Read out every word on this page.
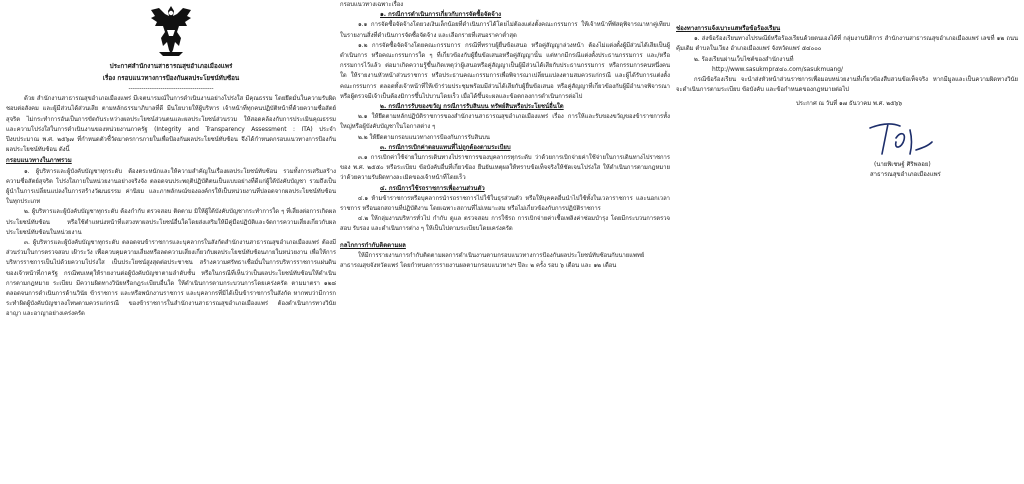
ประกาศสำนักงานสาธารณสุขอำเภอเมืองแพร่

เรื่อง กรอบแนวทางการป้องกันผลประโยชน์ทับซ้อน

----------------------------------------

ด้วย สำนักงานสาธารณสุขอำเภอเมืองแพร่ มีเจตนารมณ์ในการดำเนินงานอย่างโปร่งใส มีคุณธรรม โดยยึดมั่นในความรับผิดชอบต่อสังคม และผู้มีส่วนได้ส่วนเสีย ตามหลักธรรมาภิบาลที่ดี มีนโยบายให้ผู้บริหาร เจ้าหน้าที่ทุกคนปฏิบัติหน้าที่ด้วยความซื่อสัตย์สุจริต ไม่กระทำการอันเป็นการขัดกันระหว่างผลประโยชน์ส่วนตนและผลประโยชน์ส่วนรวม ให้สอดคล้องกับการประเมินคุณธรรมและความโปร่งใสในการดำเนินงานของหน่วยงานภาครัฐ (Integrity and Transparency Assessment : ITA) ประจำปีงบประมาณ พ.ศ. ๒๕๖๗ ที่กำหนดตัวชี้วัดมาตรการภายในเพื่อป้องกันผลประโยชน์ทับซ้อน จึงได้กำหนดกรอบแนวทางการป้องกันผลประโยชน์ทับซ้อน ดังนี้

กรอบแนวทางในภาพรวม

๑. ผู้บริหารและผู้บังคับบัญชาทุกระดับ ต้องตระหนักและให้ความสำคัญในเรื่องผลประโยชน์ทับซ้อน รวมทั้งการเสริมสร้างความซื่อสัตย์สุจริต โปร่งใสภายในหน่วยงานอย่างจริงจัง ตลอดจนประพฤติปฏิบัติตนเป็นแบบอย่างที่ดีแก่ผู้ใต้บังคับบัญชา รวมถึงเป็นผู้นำในการเปลี่ยนแปลงในการสร้างวัฒนธรรม ค่านิยม และภาพลักษณ์ขององค์กรให้เป็นหน่วยงานที่ปลอดจากผลประโยชน์ทับซ้อนในทุกประเภท

๒. ผู้บริหารและผู้บังคับบัญชาทุกระดับ ต้องกำกับ ตรวจสอบ ติดตาม มิให้ผู้ใต้บังคับบัญชากระทำการใด ๆ ที่เสี่ยงต่อการเกิดผลประโยชน์ทับซ้อน หรือใช้ตำแหน่งหน้าที่แสวงหาผลประโยชน์อื่นใดโดยส่งเสริมให้มีคู่มือปฏิบัติและจัดการความเสี่ยงเกี่ยวกับผลประโยชน์ทับซ้อนในหน่วยงาน

๓. ผู้บริหารและผู้บังคับบัญชาทุกระดับ ตลอดจนข้าราชการและบุคลากรในสังกัดสำนักงานสาธารณสุขอำเภอเมืองแพร่ ต้องมีส่วนร่วมในการตรวจสอบ เฝ้าระวัง เพื่อควบคุมความเสี่ยงหรือลดความเสี่ยงเกี่ยวกับผลประโยชน์ทับซ้อนภายในหน่วยงาน เพื่อให้การบริหารราชการเป็นไปด้วยความโปร่งใส เป็นประโยชน์สูงสุดต่อประชาชน สร้างความศรัทธาเชื่อมั่นในการบริหารราชการแผ่นดินของเจ้าหน้าที่ภาครัฐ กรณีพบเหตุให้รายงานต่อผู้บังคับบัญชาตามลำดับชั้น หรือในกรณีที่เห็นว่าเป็นผลประโยชน์ทับซ้อนให้ดำเนินการตามกฎหมาย ระเบียบ มีความผิดทางวินัยหรือกฎระเบียบอื่นใด ให้ดำเนินการตามกระบวนการโดยเคร่งครัด ตามมาตรา ๑๒๘ ตลอดจนการดำเนินการด้านวินัย ข้าราชการ และหรือพนักงานราชการ และบุคลากรที่มิได้เป็นข้าราชการในสังกัด หากพบว่ามีการกระทำผิดผู้บังคับบัญชาลงโทษตามควรแก่กรณี ของข้าราชการในสำนักงานสาธารณสุขอำเภอเมืองแพร่ ต้องดำเนินการทางวินัย อาญา และอาญาอย่างเคร่งครัด

กรอบแนวทางเฉพาะเรื่อง

๑. กรณีการดำเนินการเกี่ยวกับการจัดซื้อจัดจ้าง

๑.๑ การจัดซื้อจัดจ้างโดยวงเงินเล็กน้อยที่ดำเนินการได้โดยไม่ต้องแต่งตั้งคณะกรรมการ ให้เจ้าหน้าที่พัสดุพิจารณาหาคู่เทียบในรายงานสิ่งที่ดำเนินการจัดซื้อจัดจ้าง และเลือกรายที่เสนอราคาต่ำสุด

๑.๒ การจัดซื้อจัดจ้างโดยคณะกรรมการ กรณีที่ทราบผู้ยื่นข้อเสนอ หรือคู่สัญญาล่วงหน้า ต้องไม่แต่งตั้งผู้มีส่วนได้เสียเป็นผู้ดำเนินการ หรือคณะกรรมการใด ๆ ที่เกี่ยวข้องกับผู้ยื่นข้อเสนอหรือคู่สัญญานั้น แต่หากมีกรณีแต่งตั้งประธานกรรมการ และ/หรือกรรมการไว้แล้ว ต่อมาเกิดความรู้ขึ้นเกิดเหตุว่าผู้เสนอหรือคู่สัญญาเป็นผู้มีส่วนได้เสียกับประธานกรรมการ หรือกรรมการคนหนึ่งคนใด ให้รายงานหัวหน้าส่วนราชการ หรือประธานคณะกรรมการเพื่อพิจารณาเปลี่ยนแปลงตามสมควรแก่กรณี และผู้ได้รับการแต่งตั้งคณะกรรมการ ตลอดทั้งเจ้าหน้าที่ให้เข้าร่วมประชุมพร้อมมีส่วนได้เสียกับผู้ยื่นข้อเสนอ หรือคู่สัญญาที่เกี่ยวข้องกับผู้มีอำนาจพิจารณา หรือผู้ตรวจมีเจ้าเป็นต้องมิการขึ้นไปบานโดยเร็ว เมื่อได้ขึ้นจะผลและข้อตกลงการดำเนินการต่อไป

๒. กรณีการรับของขวัญ กรณีการรับสินบน ทรัพย์สินหรือประโยชน์อื่นใด

๒.๑ ให้ยึดตามหลักปฏิบัติราชการของสำนักงานสาธารณสุขอำเภอเมืองแพร่ เรื่อง การให้และรับของขวัญของข้าราชการทั้งใหญ่หรือผู้บังคับบัญชาในโอกาสต่าง ๆ

๒.๒ ให้ยึดตามกรอบแนวทางการป้องกันการรับสินบน

๓. กรณีการเบิกค่าตอบแทนที่ไม่ถูกต้องตามระเบียบ

๓.๑ การเบิกค่าใช้จ่ายในการเดินทางไปราชการของบุคลากรทุกระดับ ว่าด้วยการเบิกจ่ายค่าใช้จ่ายในการเดินทางไปราชการของ พ.ศ. ๒๕๕๐ หรือระเบียบ ข้อบังคับอื่นที่เกี่ยวข้อง ยืนยันเหตุผลให้ทราบข้อเท็จจริงให้ชัดเจนโปร่งใส ให้ดำเนินการตามกฎหมายว่าด้วยความรับผิดทางละเมิดของเจ้าหน้าที่โดยเร็ว

๔. กรณีการใช้รถราชการเพื่องานส่วนตัว

๔.๑ ห้ามข้าราชการหรือบุคลากรนำรถราชการไปใช้ในธุรส่วนตัว หรือให้บุคคลอื่นนำไปใช้ทั้งในเวลาราชการ และนอกเวลาราชการ หรือนอกสถานที่ปฏิบัติงาน โดยเฉพาะสถานที่ไม่เหมาะสม หรือไม่เกี่ยวข้องกับการปฏิบัติราชการ

๔.๒ ให้กลุ่มงานบริหารทั่วไป กำกับ ดูแล ตรวจสอบ การใช้รถ การเบิกจ่ายค่าเชื้อเพลิงค่าซ่อมบำรุง โดยมีกระบวนการตรวจสอบ รับรอง และดำเนินการต่าง ๆ ให้เป็นไปตามระเบียบโดยเคร่งครัด

กลไกการกำกับติดตามผล

ให้มีการรายงานการกำกับติดตามผลการดำเนินงานตามกรอบแนวทางการป้องกันผลประโยชน์ทับซ้อนกับนายแพทย์สาธารณสุขจังหวัดแพร่ โดยกำหนดการรายงานผลตามกรอบแนวทางฯ ปีละ ๒ ครั้ง รอบ ๖ เดือน และ ๑๒ เดือน

ช่องทางการแจ้งเบาะแสหรือข้อร้องเรียน

๑. ส่งข้อร้องเรียนทางไปรษณีย์หรือร้องเรียนด้วยตนเองได้ที่ กลุ่มงานนิติการ สำนักงานสาธารณสุขอำเภอเมืองแพร่ เลขที่ ๑๒ ถนนคุ้มเดิม ตำบลในเวียง อำเภอเมืองแพร่ จังหวัดแพร่ ๕๔๐๐๐

๒. ร้องเรียนผ่านเว็บไซต์ของสำนักงานที่

http://www.sasukmpr๕๔๐.com/sasukmuang/

กรณีข้อร้องเรียน จะนำส่งหัวหน้าส่วนราชการเพื่อมอบหน่วยงานที่เกี่ยวข้องสืบสวนข้อเท็จจริง หากมีมูลและเป็นความผิดทางวินัยจะดำเนินการตามระเบียบ ข้อบังคับ และข้อกำหนดของกฎหมายต่อไป

ประกาศ ณ วันที่ ๑๗ ธันวาคม พ.ศ. ๒๕๖๖

(นายพิเชษฐ์ ศิริพลอย)

สาธารณสุขอำเภอเมืองแพร่
